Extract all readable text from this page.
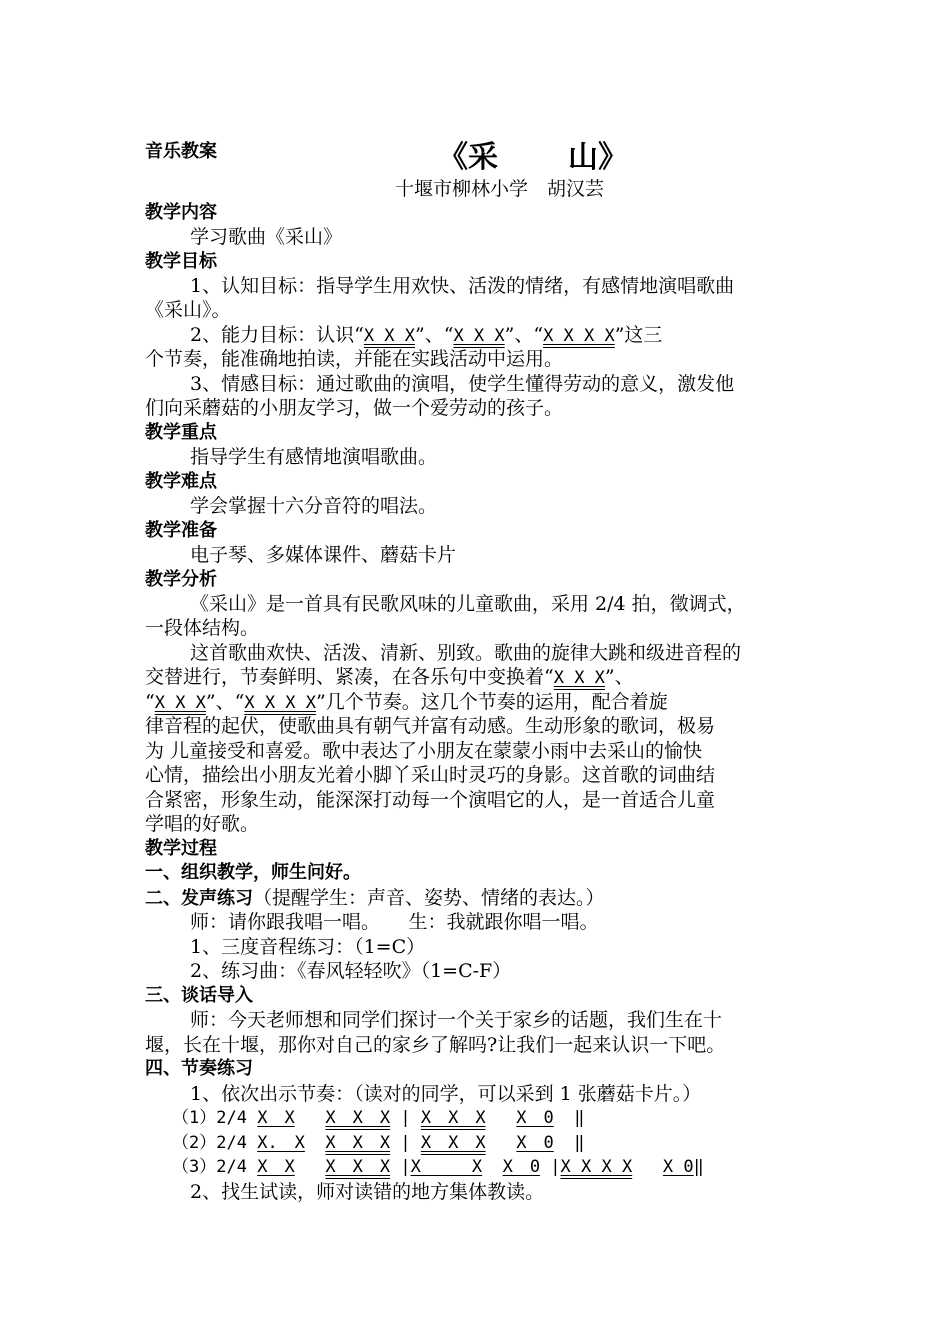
音乐教案	《采 山》
十堰市柳林小学　胡汉芸
教学内容
学习歌曲《采山》
教学目标
1、认知目标：指导学生用欢快、活泼的情绪，有感情地演唱歌曲
《采山》。
2、能力目标：认识“X X X”、“X X X”、“X X X X”这三
个节奏，能准确地拍读，并能在实践活动中运用。
3、情感目标：通过歌曲的演唱，使学生懂得劳动的意义，激发他
们向采蘑菇的小朋友学习，做一个爱劳动的孩子。
教学重点
指导学生有感情地演唱歌曲。
教学难点
学会掌握十六分音符的唱法。
教学准备
电子琴、多媒体课件、蘑菇卡片
教学分析
《采山》是一首具有民歌风味的儿童歌曲，采用 2/4 拍，徵调式，
一段体结构。
这首歌曲欢快、活泼、清新、别致。歌曲的旋律大跳和级进音程的
交替进行，节奏鲜明、紧凑，在各乐句中变换着“X X X”、
“X X X”、“X X X X”几个节奏。这几个节奏的运用，配合着旋
律音程的起伏，使歌曲具有朝气并富有动感。生动形象的歌词，极易
为 儿童接受和喜爱。歌中表达了小朋友在蒙蒙小雨中去采山的愉快
心情，描绘出小朋友光着小脚丫采山时灵巧的身影。这首歌的词曲结
合紧密，形象生动，能深深打动每一个演唱它的人，是一首适合儿童
学唱的好歌。
教学过程
一、组织教学，师生问好。
二、发声练习（提醒学生：声音、姿势、情绪的表达。）
师：请你跟我唱一唱。　　生：我就跟你唱一唱。
1、三度音程练习：（1=C）
2、练习曲：《春风轻轻吹》（1=C-F）
三、谈话导入
师：今天老师想和同学们探讨一个关于家乡的话题，我们生在十
堰，长在十堰，那你对自己的家乡了解吗?让我们一起来认识一下吧。
四、节奏练习
1、依次出示节奏：（读对的同学，可以采到 1 张蘑菇卡片。）
（1）2/4 X　X X　X　X | X　X　X X　0 ‖
（2）2/4 X.　X X　X　X | X　X　X X　0 ‖
（3）2/4 X　X X　X　X |X　　　X X　0 |X X X X X 0‖
2、找生试读，师对读错的地方集体教读。
